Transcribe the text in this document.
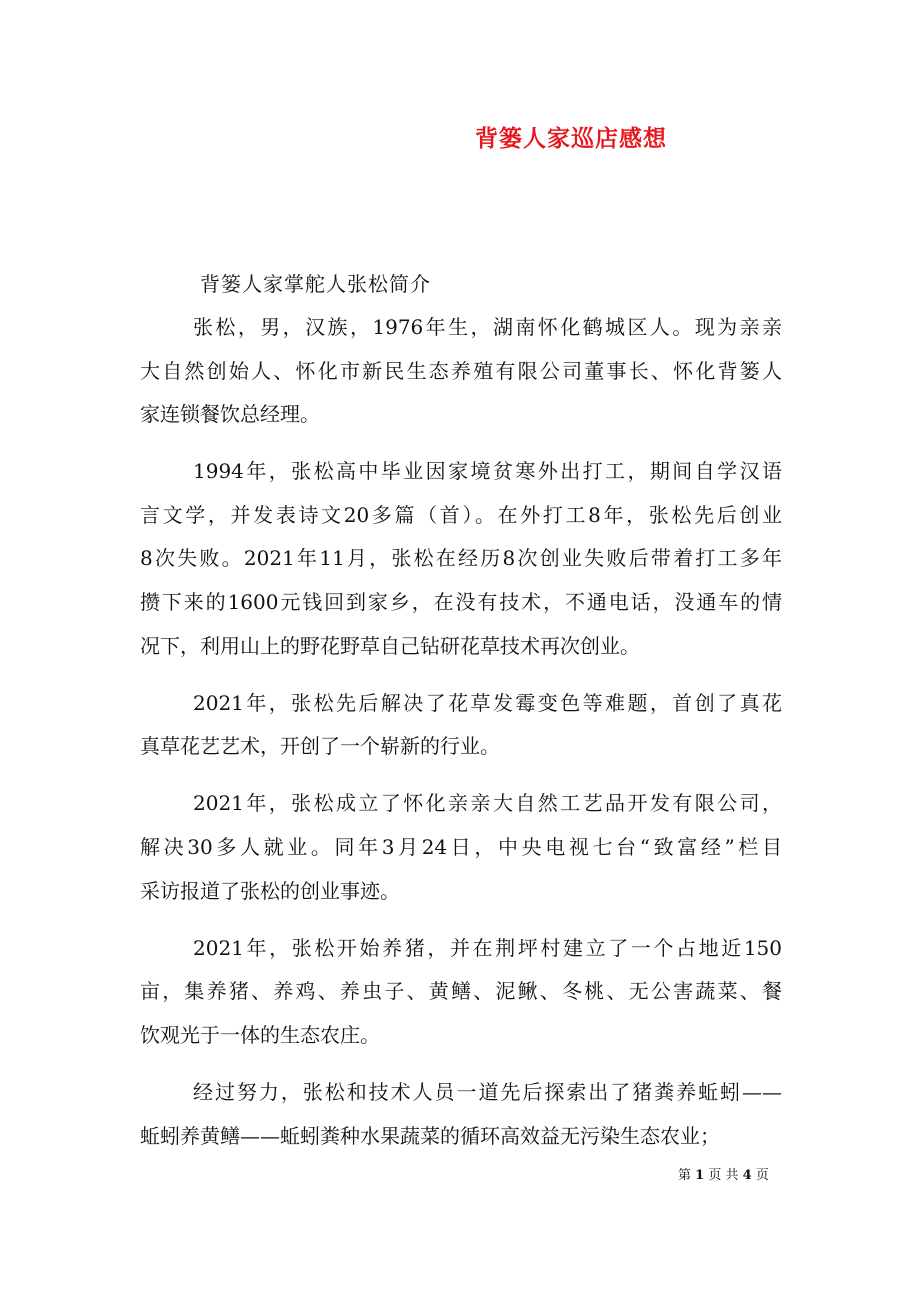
背篓人家巡店感想
背篓人家掌舵人张松简介
张松，男，汉族，1976年生，湖南怀化鹤城区人。现为亲亲
大自然创始人、怀化市新民生态养殖有限公司董事长、怀化背篓人
家连锁餐饮总经理。
1994年，张松高中毕业因家境贫寒外出打工，期间自学汉语
言文学，并发表诗文20多篇（首）。在外打工8年，张松先后创业
8次失败。2021年11月，张松在经历8次创业失败后带着打工多年
攒下来的1600元钱回到家乡，在没有技术，不通电话，没通车的情
况下，利用山上的野花野草自己钻研花草技术再次创业。
2021年，张松先后解决了花草发霉变色等难题，首创了真花
真草花艺艺术，开创了一个崭新的行业。
2021年，张松成立了怀化亲亲大自然工艺品开发有限公司，
解决30多人就业。同年3月24日，中央电视七台“致富经”栏目
采访报道了张松的创业事迹。
2021年，张松开始养猪，并在荆坪村建立了一个占地近150
亩，集养猪、养鸡、养虫子、黄鳝、泥鳅、冬桃、无公害蔬菜、餐
饮观光于一体的生态农庄。
经过努力，张松和技术人员一道先后探索出了猪粪养蚯蚓——
蚯蚓养黄鳝——蚯蚓粪种水果蔬菜的循环高效益无污染生态农业；
第 1 页 共 4 页
